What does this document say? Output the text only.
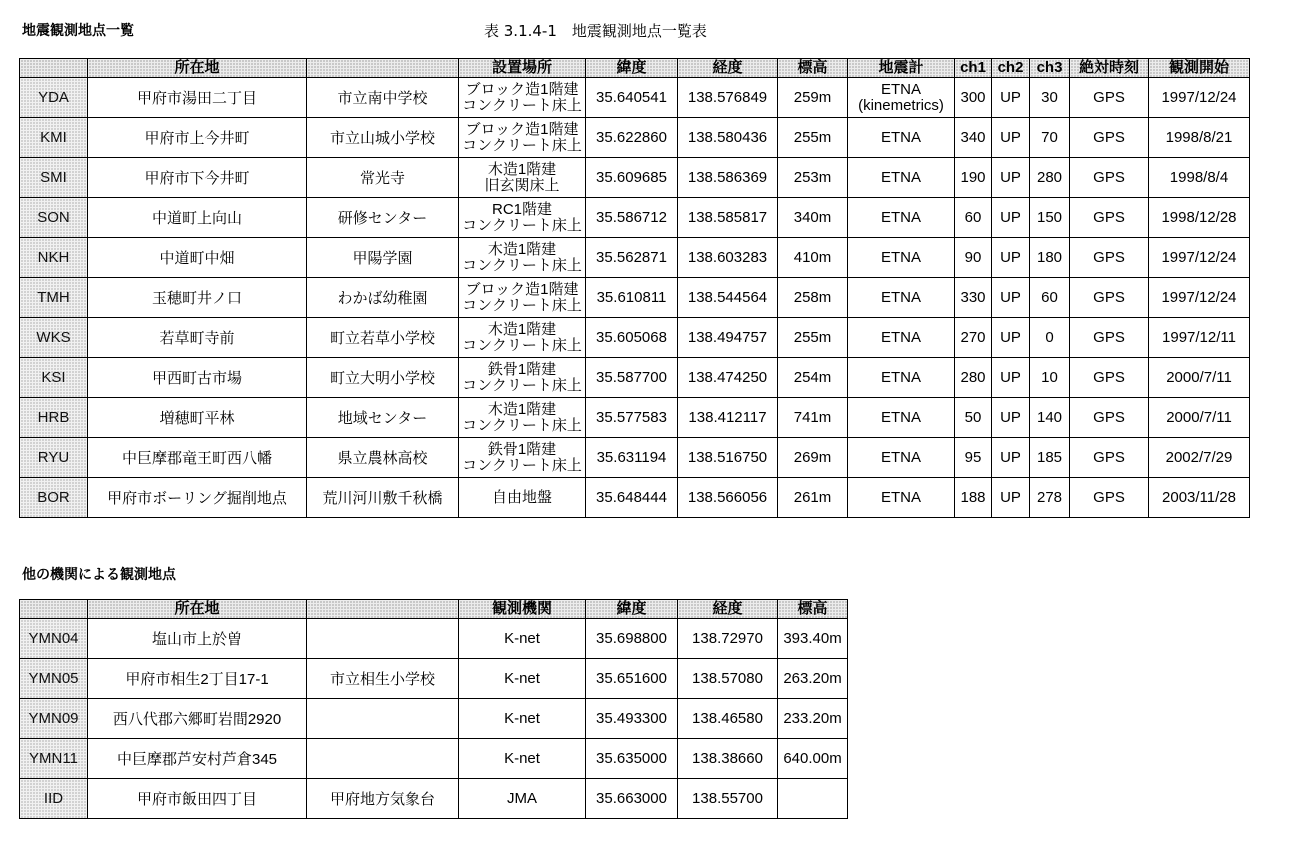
地震観測地点一覧	表 3.1.4-1　地震観測地点一覧表
	所在地		設置場所	緯度	経度	標高	地震計	ch1	ch2	ch3	絶対時刻	観測開始
YDA	甲府市湯田二丁目	市立南中学校	ブロック造1階建
コンクリート床上	35.640541	138.576849	259m	ETNA
(kinemetrics)	300	UP	30	GPS	1997/12/24
KMI	甲府市上今井町	市立山城小学校	ブロック造1階建
コンクリート床上	35.622860	138.580436	255m	ETNA	340	UP	70	GPS	1998/8/21
SMI	甲府市下今井町	常光寺	木造1階建
旧玄関床上	35.609685	138.586369	253m	ETNA	190	UP	280	GPS	1998/8/4
SON	中道町上向山	研修センター	RC1階建
コンクリート床上	35.586712	138.585817	340m	ETNA	60	UP	150	GPS	1998/12/28
NKH	中道町中畑	甲陽学園	木造1階建
コンクリート床上	35.562871	138.603283	410m	ETNA	90	UP	180	GPS	1997/12/24
TMH	玉穂町井ノ口	わかば幼稚園	ブロック造1階建
コンクリート床上	35.610811	138.544564	258m	ETNA	330	UP	60	GPS	1997/12/24
WKS	若草町寺前	町立若草小学校	木造1階建
コンクリート床上	35.605068	138.494757	255m	ETNA	270	UP	0	GPS	1997/12/11
KSI	甲西町古市場	町立大明小学校	鉄骨1階建
コンクリート床上	35.587700	138.474250	254m	ETNA	280	UP	10	GPS	2000/7/11
HRB	増穂町平林	地域センター	木造1階建
コンクリート床上	35.577583	138.412117	741m	ETNA	50	UP	140	GPS	2000/7/11
RYU	中巨摩郡竜王町西八幡	県立農林高校	鉄骨1階建
コンクリート床上	35.631194	138.516750	269m	ETNA	95	UP	185	GPS	2002/7/29
BOR	甲府市ボーリング掘削地点	荒川河川敷千秋橋	自由地盤	35.648444	138.566056	261m	ETNA	188	UP	278	GPS	2003/11/28
他の機関による観測地点
	所在地		観測機関	緯度	経度	標高
YMN04	塩山市上於曽		K-net	35.698800	138.72970	393.40m
YMN05	甲府市相生2丁目17-1	市立相生小学校	K-net	35.651600	138.57080	263.20m
YMN09	西八代郡六郷町岩間2920		K-net	35.493300	138.46580	233.20m
YMN11	中巨摩郡芦安村芦倉345		K-net	35.635000	138.38660	640.00m
IID	甲府市飯田四丁目	甲府地方気象台	JMA	35.663000	138.55700	
